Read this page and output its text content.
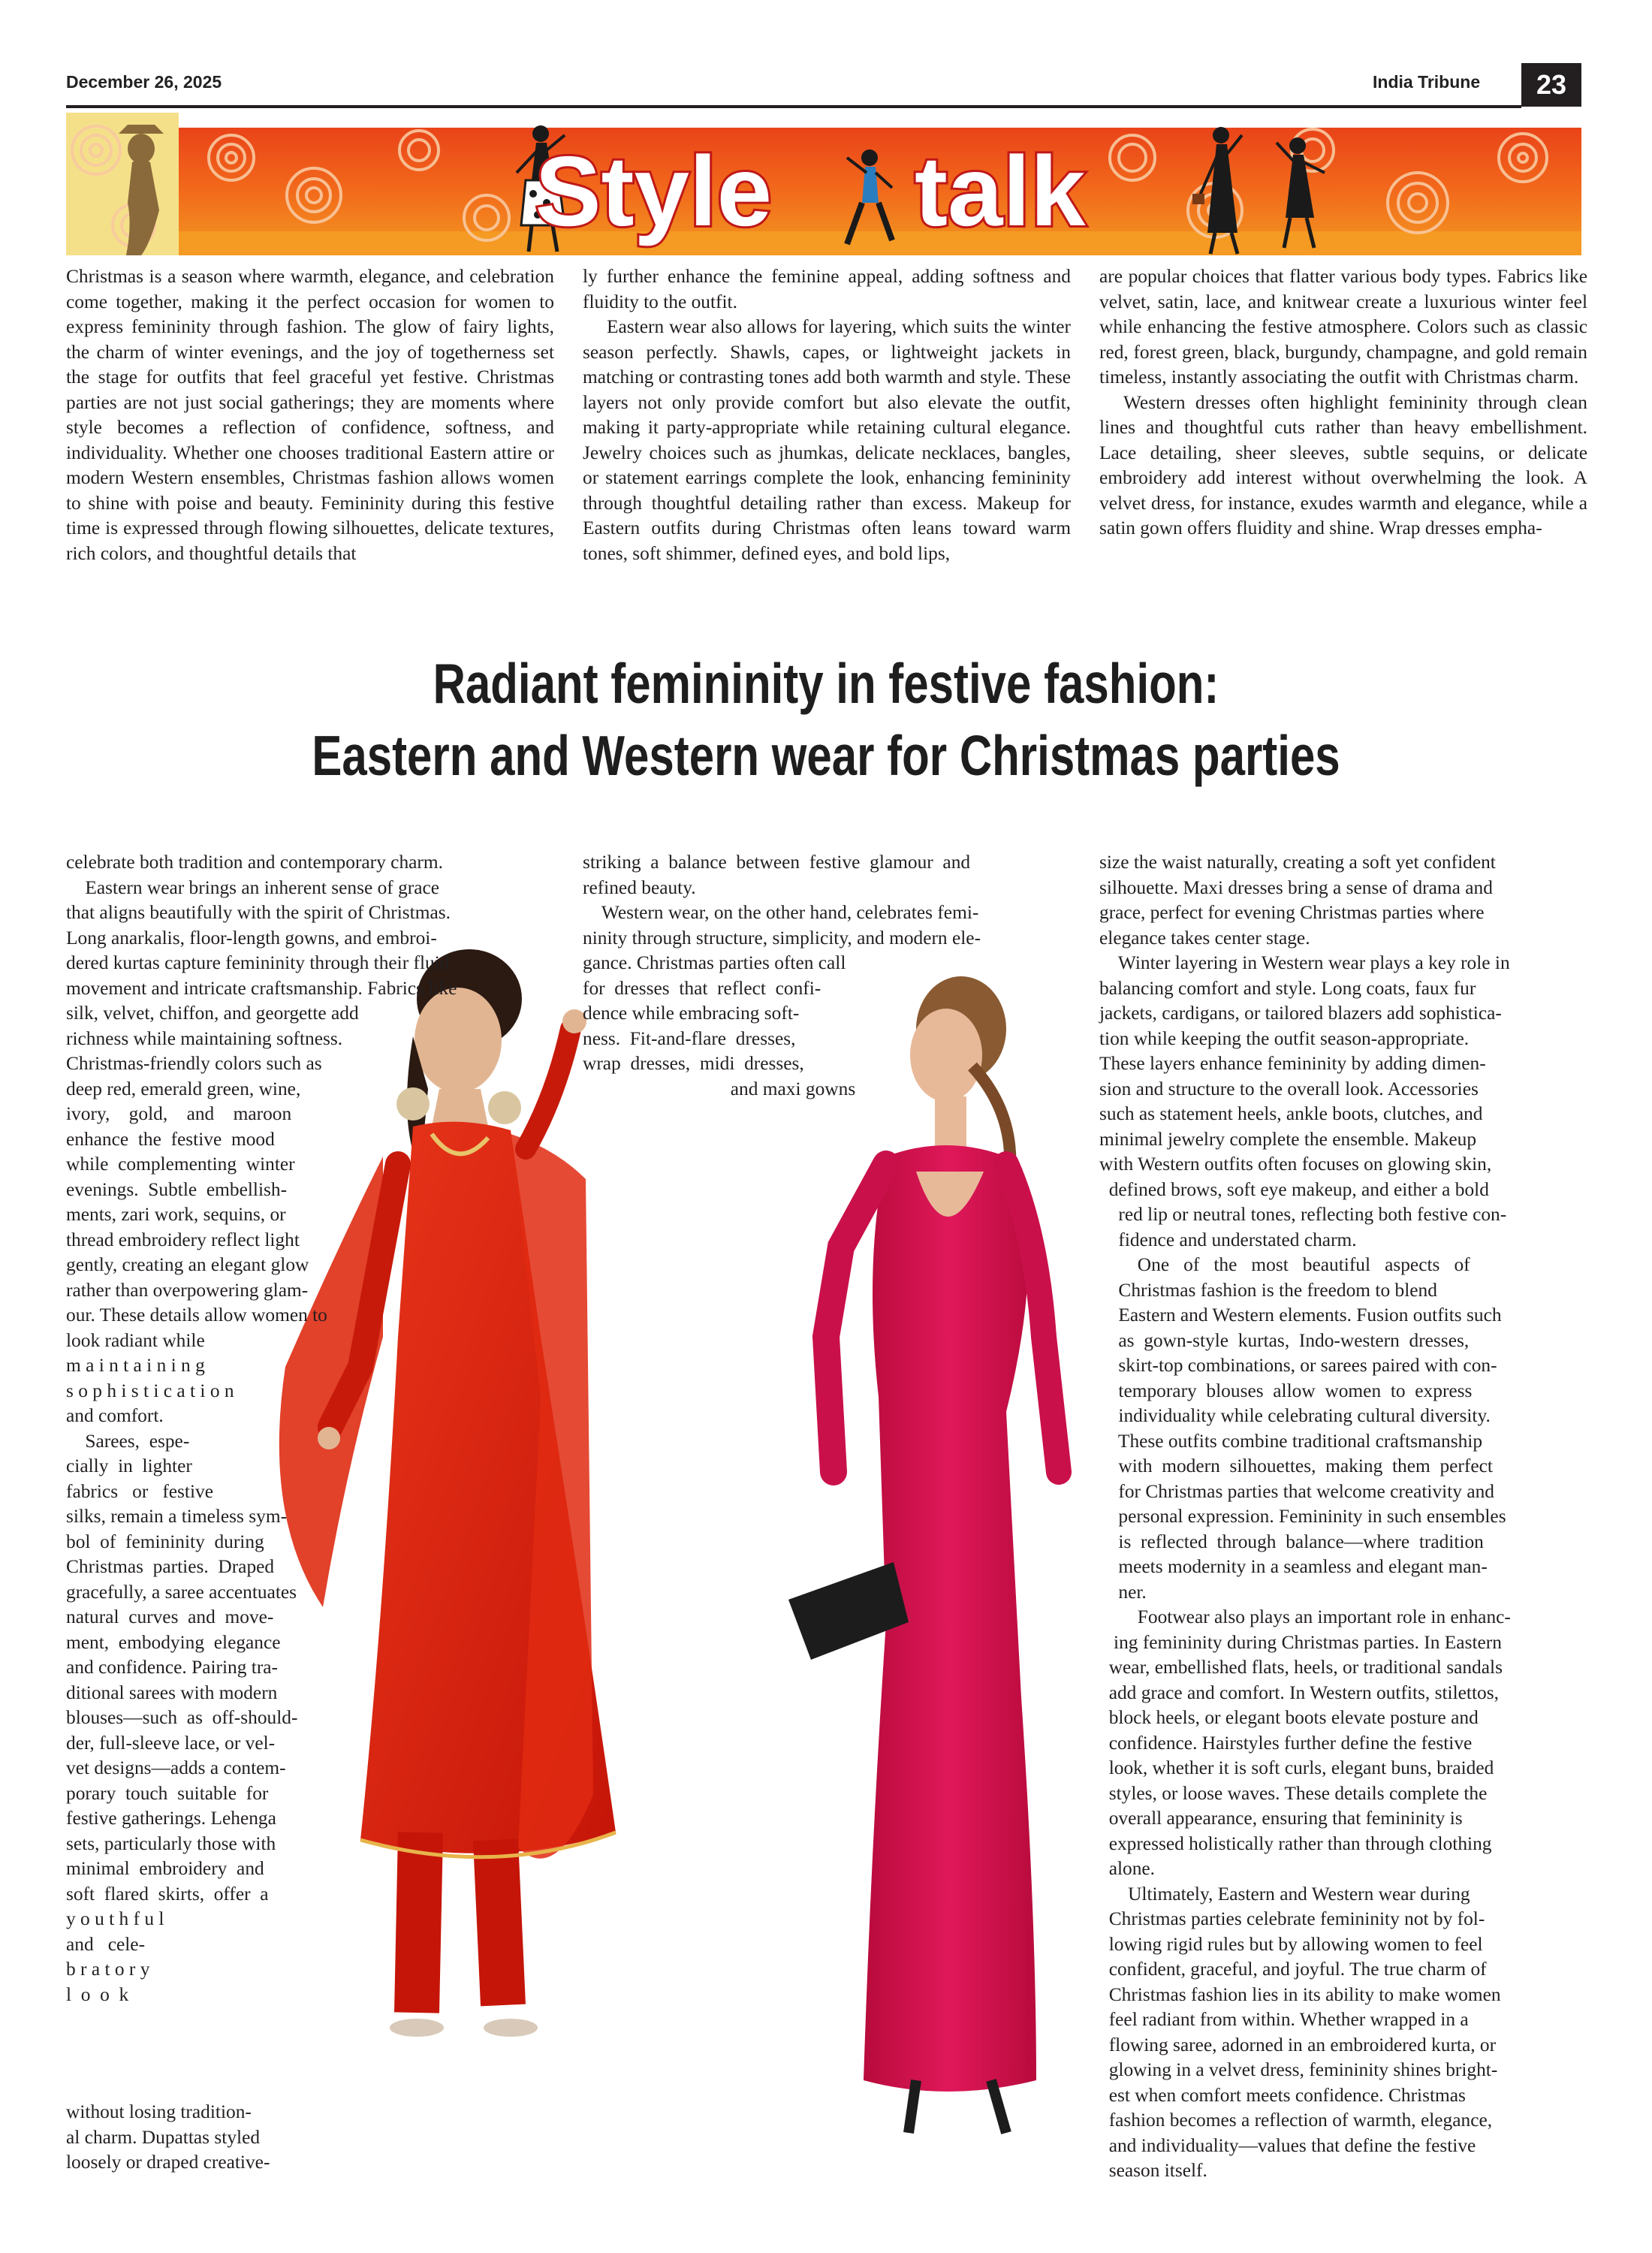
December 26, 2025	India Tribune	23
Style talk

Christmas is a season where warmth, elegance, and celebration come together, making it the perfect occasion for women to express femininity through fashion. The glow of fairy lights, the charm of winter evenings, and the joy of togetherness set the stage for outfits that feel graceful yet festive. Christmas parties are not just social gatherings; they are moments where style becomes a reflection of confidence, softness, and individuality. Whether one chooses traditional Eastern attire or modern Western ensembles, Christmas fashion allows women to shine with poise and beauty. Femininity during this festive time is expressed through flowing silhouettes, delicate textures, rich colors, and thoughtful details that

ly further enhance the feminine appeal, adding softness and fluidity to the outfit.

Eastern wear also allows for layering, which suits the winter season perfectly. Shawls, capes, or lightweight jackets in matching or contrasting tones add both warmth and style. These layers not only provide comfort but also elevate the outfit, making it party-appropriate while retaining cultural elegance. Jewelry choices such as jhumkas, delicate necklaces, bangles, or statement earrings complete the look, enhancing femininity through thoughtful detailing rather than excess. Makeup for Eastern outfits during Christmas often leans toward warm tones, soft shimmer, defined eyes, and bold lips,

are popular choices that flatter various body types. Fabrics like velvet, satin, lace, and knitwear create a luxurious winter feel while enhancing the festive atmosphere. Colors such as classic red, forest green, black, burgundy, champagne, and gold remain timeless, instantly associating the outfit with Christmas charm.

Western dresses often highlight femininity through clean lines and thoughtful cuts rather than heavy embellishment. Lace detailing, sheer sleeves, subtle sequins, or delicate embroidery add interest without overwhelming the look. A velvet dress, for instance, exudes warmth and elegance, while a satin gown offers fluidity and shine. Wrap dresses empha-

Radiant femininity in festive fashion:
Eastern and Western wear for Christmas parties
celebrate both tradition and contemporary charm.
Eastern wear brings an inherent sense of grace
that aligns beautifully with the spirit of Christmas.
Long anarkalis, floor-length gowns, and embroi-
dered kurtas capture femininity through their fluid
movement and intricate craftsmanship. Fabrics like
silk, velvet, chiffon, and georgette add
richness while maintaining softness.
Christmas-friendly colors such as
deep red, emerald green, wine,
ivory,    gold,    and    maroon
enhance  the  festive  mood
while  complementing  winter
evenings.  Subtle  embellish-
ments, zari work, sequins, or
thread embroidery reflect light
gently, creating an elegant glow
rather than overpowering glam-
our. These details allow women to
look radiant while
m a i n t a i n i n g
s o p h i s t i c a t i o n
and comfort.
Sarees,  espe-
cially  in  lighter
fabrics   or   festive
silks, remain a timeless sym-
bol  of  femininity  during
Christmas  parties.  Draped
gracefully, a saree accentuates
natural  curves  and  move-
ment,  embodying  elegance
and confidence. Pairing tra-
ditional sarees with modern
blouses—such  as  off-should-
der, full-sleeve lace, or vel-
vet designs—adds a contem-
porary  touch  suitable  for
festive gatherings. Lehenga
sets, particularly those with
minimal  embroidery  and
soft  flared  skirts,  offer  a
y o u t h f u l
and   cele-
b r a t o r y
l  o  o  k
without losing tradition-
al charm. Dupattas styled
loosely or draped creative-
striking  a  balance  between  festive  glamour  and
refined beauty.
Western wear, on the other hand, celebrates femi-
ninity through structure, simplicity, and modern ele-
gance. Christmas parties often call
for  dresses  that  reflect  confi-
dence while embracing soft-
ness.  Fit-and-flare  dresses,
wrap  dresses,  midi  dresses,
and maxi gowns
size the waist naturally, creating a soft yet confident
silhouette. Maxi dresses bring a sense of drama and
grace, perfect for evening Christmas parties where
elegance takes center stage.
Winter layering in Western wear plays a key role in
balancing comfort and style. Long coats, faux fur
jackets, cardigans, or tailored blazers add sophistica-
tion while keeping the outfit season-appropriate.
These layers enhance femininity by adding dimen-
sion and structure to the overall look. Accessories
such as statement heels, ankle boots, clutches, and
minimal jewelry complete the ensemble. Makeup
with Western outfits often focuses on glowing skin,
defined brows, soft eye makeup, and either a bold
red lip or neutral tones, reflecting both festive con-
fidence and understated charm.
One   of   the   most   beautiful   aspects   of
Christmas fashion is the freedom to blend
Eastern and Western elements. Fusion outfits such
as  gown-style  kurtas,  Indo-western  dresses,
skirt-top combinations, or sarees paired with con-
temporary  blouses  allow  women  to  express
individuality while celebrating cultural diversity.
These outfits combine traditional craftsmanship
with  modern  silhouettes,  making  them  perfect
for Christmas parties that welcome creativity and
personal expression. Femininity in such ensembles
is  reflected  through  balance—where  tradition
meets modernity in a seamless and elegant man-
ner.
Footwear also plays an important role in enhanc-
ing femininity during Christmas parties. In Eastern
wear, embellished flats, heels, or traditional sandals
add grace and comfort. In Western outfits, stilettos,
block heels, or elegant boots elevate posture and
confidence. Hairstyles further define the festive
look, whether it is soft curls, elegant buns, braided
styles, or loose waves. These details complete the
overall appearance, ensuring that femininity is
expressed holistically rather than through clothing
alone.
Ultimately, Eastern and Western wear during
Christmas parties celebrate femininity not by fol-
lowing rigid rules but by allowing women to feel
confident, graceful, and joyful. The true charm of
Christmas fashion lies in its ability to make women
feel radiant from within. Whether wrapped in a
flowing saree, adorned in an embroidered kurta, or
glowing in a velvet dress, femininity shines bright-
est when comfort meets confidence. Christmas
fashion becomes a reflection of warmth, elegance,
and individuality—values that define the festive
season itself.
